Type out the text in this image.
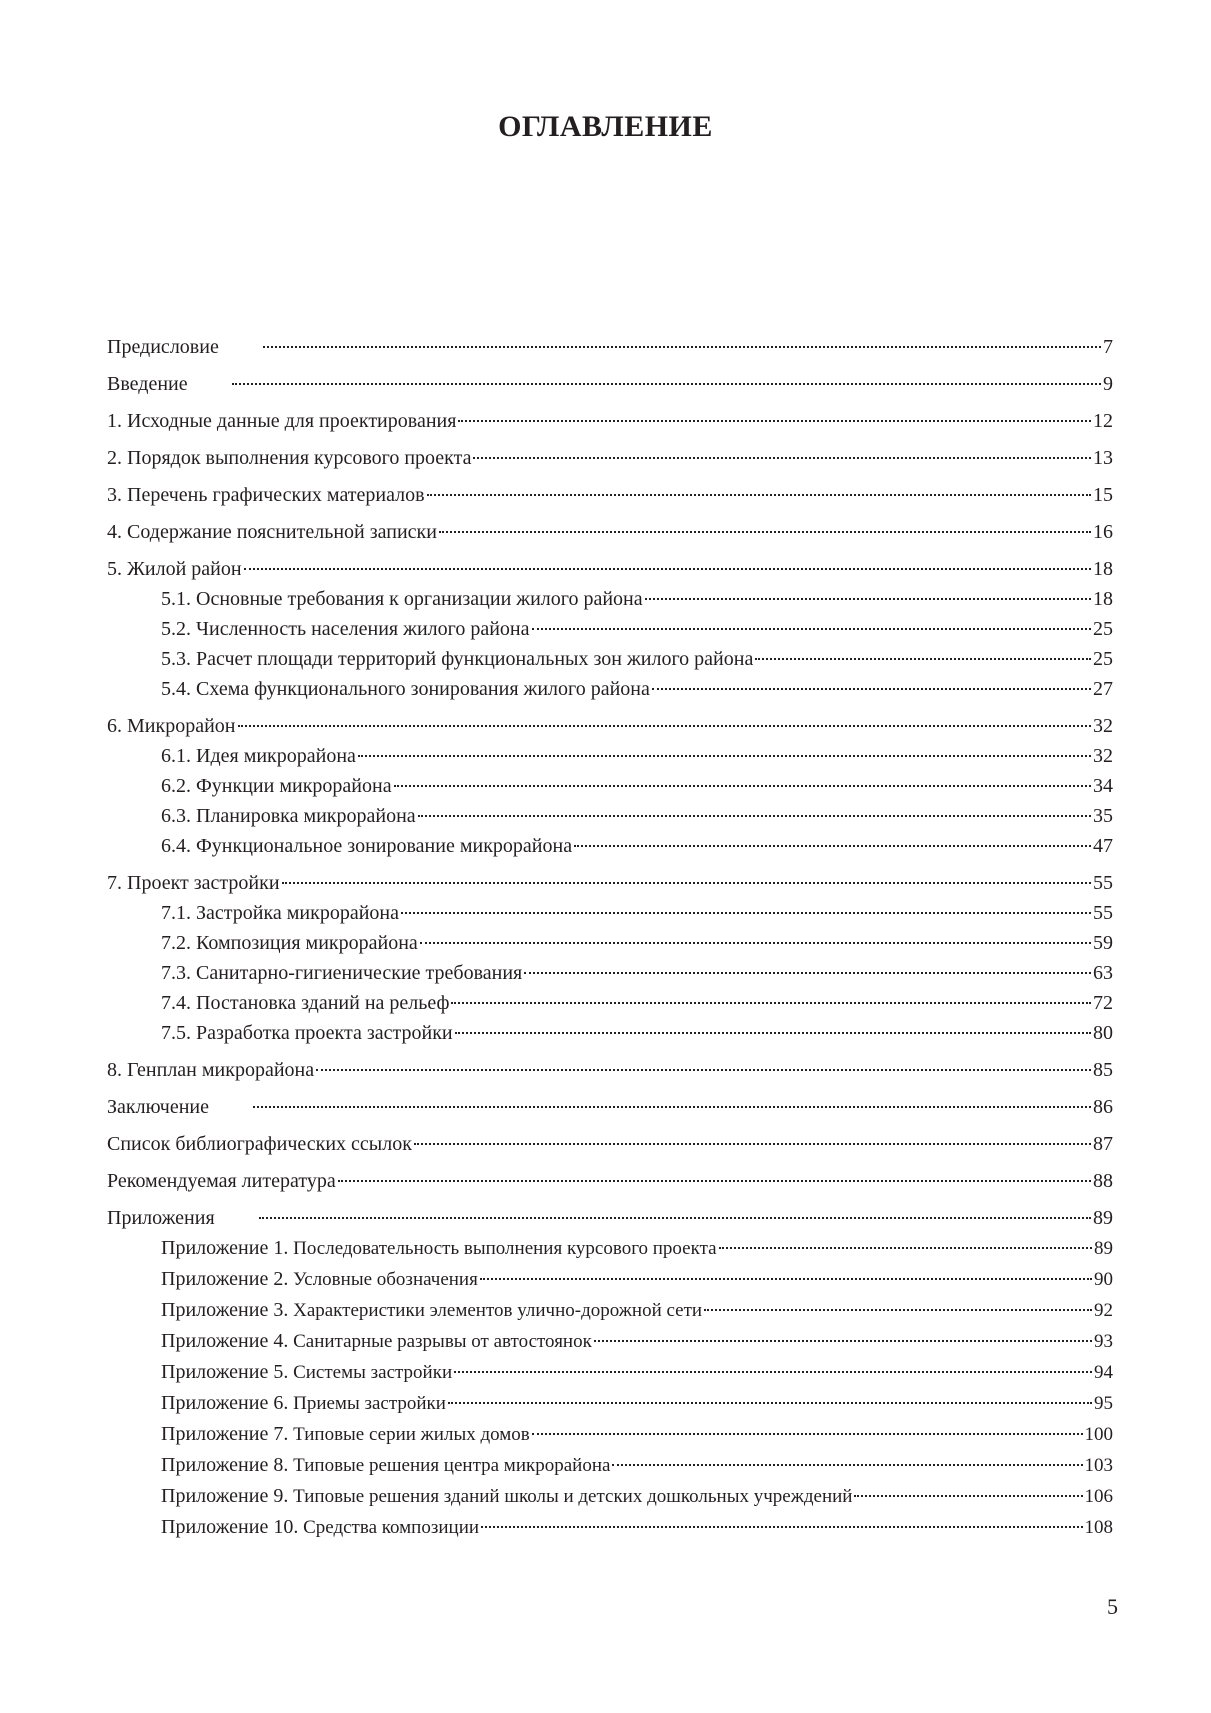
ОГЛАВЛЕНИЕ
Предисловие	7
Введение	9
1. Исходные данные для проектирования	12
2. Порядок выполнения курсового проекта	13
3. Перечень графических материалов	15
4. Содержание пояснительной записки	16
5. Жилой район	18
5.1. Основные требования к организации жилого района	18
5.2. Численность населения жилого района	25
5.3. Расчет площади территорий функциональных зон жилого района	25
5.4. Схема функционального зонирования жилого района	27
6. Микрорайон	32
6.1. Идея микрорайона	32
6.2. Функции микрорайона	34
6.3. Планировка микрорайона	35
6.4. Функциональное зонирование микрорайона	47
7. Проект застройки	55
7.1. Застройка микрорайона	55
7.2. Композиция микрорайона	59
7.3. Санитарно-гигиенические требования	63
7.4. Постановка зданий на рельеф	72
7.5. Разработка проекта застройки	80
8. Генплан микрорайона	85
Заключение	86
Список библиографических ссылок	87
Рекомендуемая литература	88
Приложения	89
Приложение 1. Последовательность выполнения курсового проекта	89
Приложение 2. Условные обозначения	90
Приложение 3. Характеристики элементов улично-дорожной сети	92
Приложение 4. Санитарные разрывы от автостоянок	93
Приложение 5. Системы застройки	94
Приложение 6. Приемы застройки	95
Приложение 7. Типовые серии жилых домов	100
Приложение 8. Типовые решения центра микрорайона	103
Приложение 9. Типовые решения зданий школы и детских дошкольных учреждений	106
Приложение 10. Средства композиции	108
5
